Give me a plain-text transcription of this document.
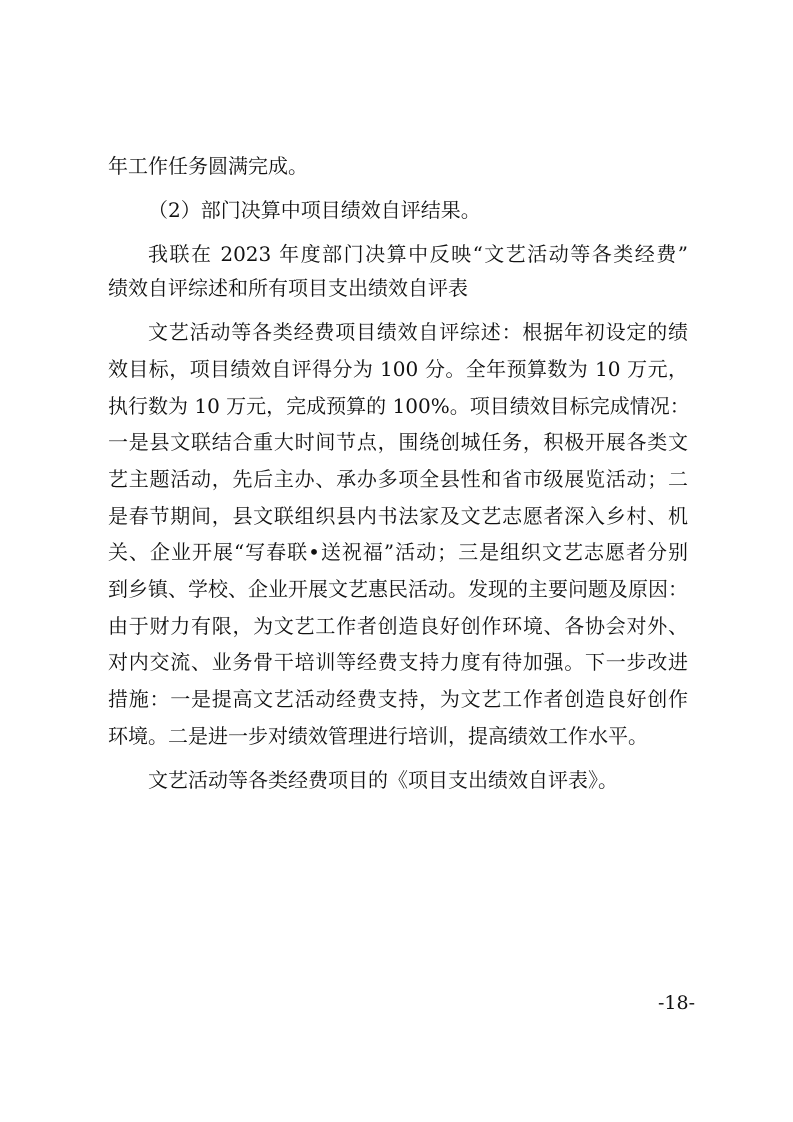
年工作任务圆满完成。
（2）部门决算中项目绩效自评结果。
我联在 2023 年度部门决算中反映“文艺活动等各类经费”
绩效自评综述和所有项目支出绩效自评表
文艺活动等各类经费项目绩效自评综述：根据年初设定的绩
效目标，项目绩效自评得分为 100 分。全年预算数为 10 万元，
执行数为 10 万元，完成预算的 100%。项目绩效目标完成情况：
一是县文联结合重大时间节点，围绕创城任务，积极开展各类文
艺主题活动，先后主办、承办多项全县性和省市级展览活动；二
是春节期间，县文联组织县内书法家及文艺志愿者深入乡村、机
关、企业开展“写春联•送祝福”活动；三是组织文艺志愿者分别
到乡镇、学校、企业开展文艺惠民活动。发现的主要问题及原因：
由于财力有限，为文艺工作者创造良好创作环境、各协会对外、
对内交流、业务骨干培训等经费支持力度有待加强。下一步改进
措施：一是提高文艺活动经费支持，为文艺工作者创造良好创作
环境。二是进一步对绩效管理进行培训，提高绩效工作水平。
文艺活动等各类经费项目的《项目支出绩效自评表》。
-18-
